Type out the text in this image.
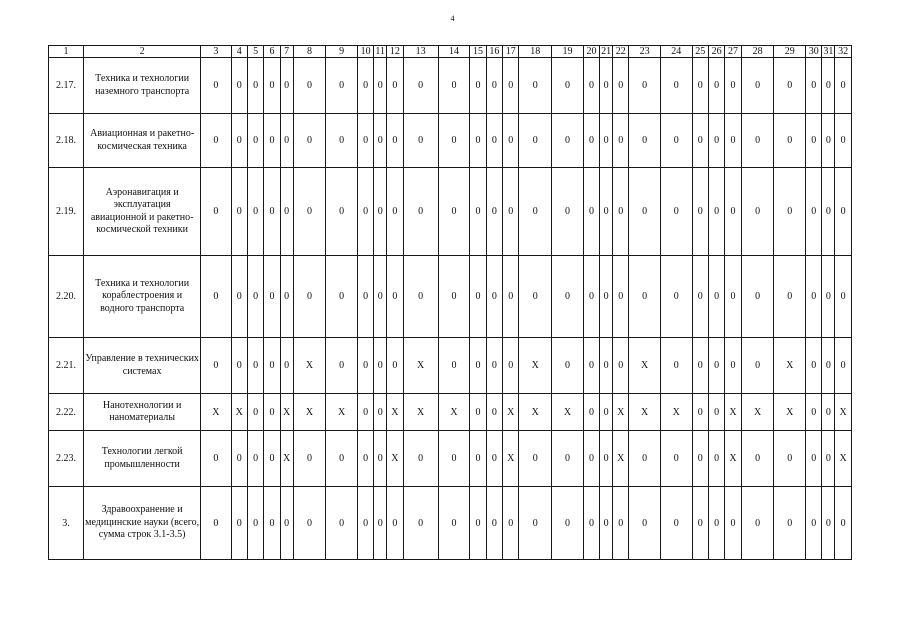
4
1	2	3	4	5	6	7	8	9	10	11	12	13	14	15	16	17	18	19	20	21	22	23	24	25	26	27	28	29	30	31	32
2.17.	Техника и технологии наземного транспорта	0	0	0	0	0	0	0	0	0	0	0	0	0	0	0	0	0	0	0	0	0	0	0	0	0	0	0	0	0	0
2.18.	Авиационная и ракетно-космическая техника	0	0	0	0	0	0	0	0	0	0	0	0	0	0	0	0	0	0	0	0	0	0	0	0	0	0	0	0	0	0
2.19.	Аэронавигация и эксплуатация авиационной и ракетно-космической техники	0	0	0	0	0	0	0	0	0	0	0	0	0	0	0	0	0	0	0	0	0	0	0	0	0	0	0	0	0	0
2.20.	Техника и технологии кораблестроения и водного транспорта	0	0	0	0	0	0	0	0	0	0	0	0	0	0	0	0	0	0	0	0	0	0	0	0	0	0	0	0	0	0
2.21.	Управление в технических системах	0	0	0	0	0	X	0	0	0	0	X	0	0	0	0	X	0	0	0	0	X	0	0	0	0	0	X	0	0	0
2.22.	Нанотехнологии и наноматериалы	X	X	0	0	X	X	X	0	0	X	X	X	0	0	X	X	X	0	0	X	X	X	0	0	X	X	X	0	0	X
2.23.	Технологии легкой промышленности	0	0	0	0	X	0	0	0	0	X	0	0	0	0	X	0	0	0	0	X	0	0	0	0	X	0	0	0	0	X
3.	Здравоохранение и медицинские науки (всего, сумма строк 3.1-3.5)	0	0	0	0	0	0	0	0	0	0	0	0	0	0	0	0	0	0	0	0	0	0	0	0	0	0	0	0	0	0
